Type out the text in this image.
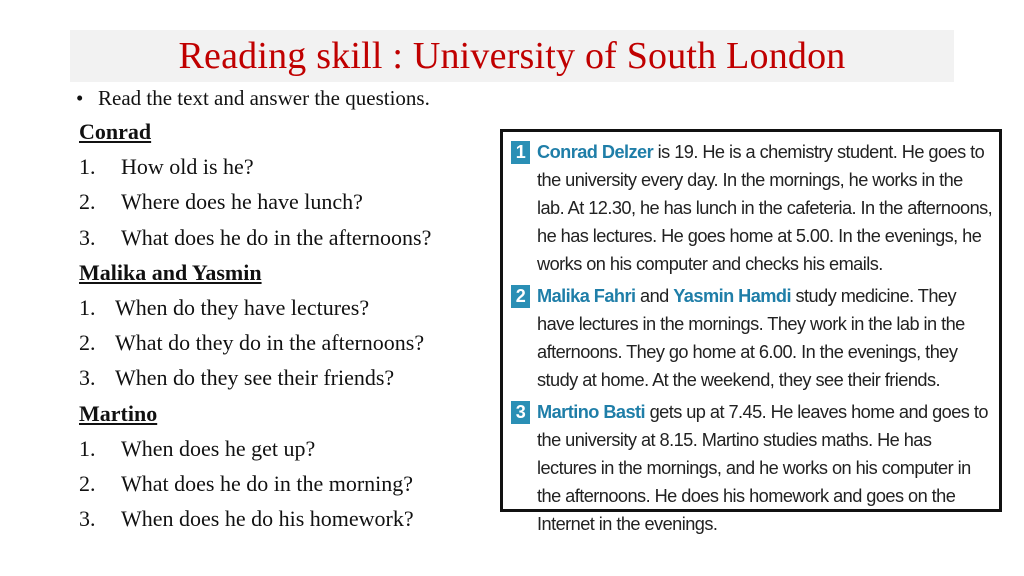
Reading skill : University of South London
• Read the text and answer the questions.
Conrad
1. How old is he?
2. Where does he have lunch?
3. What does he do in the afternoons?
Malika and Yasmin
1. When do they have lectures?
2. What do they do in the afternoons?
3. When do they see their friends?
Martino
1. When does he get up?
2. What does he do in the morning?
3. When does he do his homework?
1 Conrad Delzer is 19. He is a chemistry student. He goes to the university every day. In the mornings, he works in the lab. At 12.30, he has lunch in the cafeteria. In the afternoons, he has lectures. He goes home at 5.00. In the evenings, he works on his computer and checks his emails.
2 Malika Fahri and Yasmin Hamdi study medicine. They have lectures in the mornings. They work in the lab in the afternoons. They go home at 6.00. In the evenings, they study at home. At the weekend, they see their friends.
3 Martino Basti gets up at 7.45. He leaves home and goes to the university at 8.15. Martino studies maths. He has lectures in the mornings, and he works on his computer in the afternoons. He does his homework and goes on the Internet in the evenings.
